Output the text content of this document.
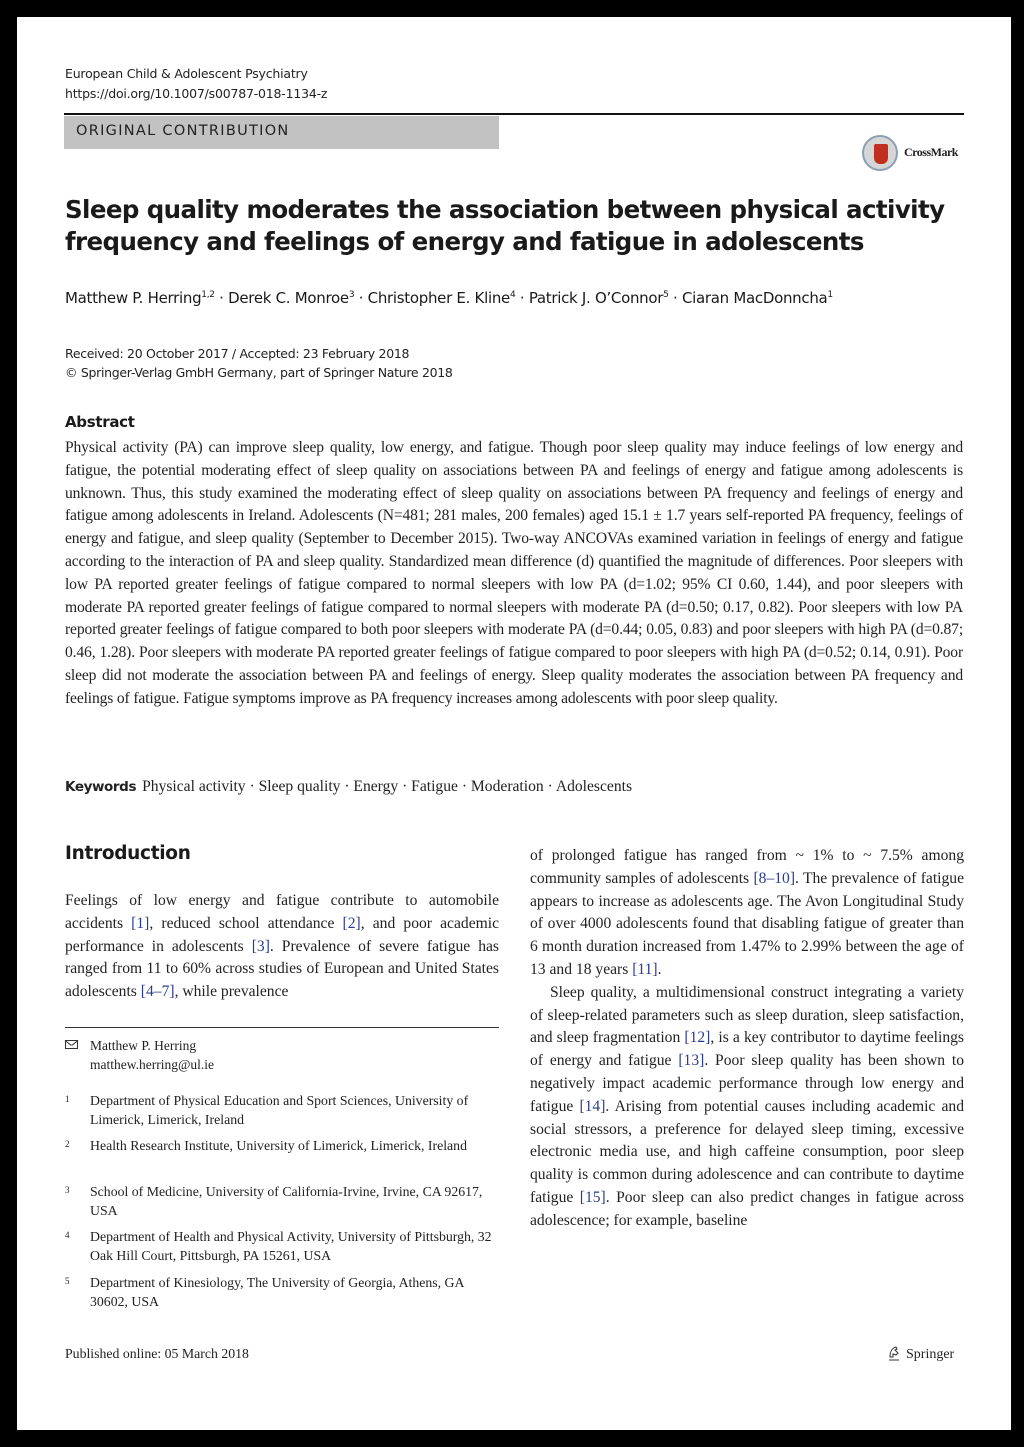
European Child & Adolescent Psychiatry
https://doi.org/10.1007/s00787-018-1134-z
ORIGINAL CONTRIBUTION
CrossMark
Sleep quality moderates the association between physical activity frequency and feelings of energy and fatigue in adolescents
Matthew P. Herring$^{1,2}$ · Derek C. Monroe$^3$ · Christopher E. Kline$^4$ · Patrick J. O’Connor$^5$ · Ciaran MacDonncha$^1$
Received: 20 October 2017 / Accepted: 23 February 2018
© Springer-Verlag GmbH Germany, part of Springer Nature 2018
Abstract
Physical activity (PA) can improve sleep quality, low energy, and fatigue. Though poor sleep quality may induce feelings of low energy and fatigue, the potential moderating effect of sleep quality on associations between PA and feelings of energy and fatigue among adolescents is unknown. Thus, this study examined the moderating effect of sleep quality on associations between PA frequency and feelings of energy and fatigue among adolescents in Ireland. Adolescents (N=481; 281 males, 200 females) aged 15.1 ± 1.7 years self-reported PA frequency, feelings of energy and fatigue, and sleep quality (September to December 2015). Two-way ANCOVAs examined variation in feelings of energy and fatigue according to the interaction of PA and sleep quality. Standardized mean difference (d) quantified the magnitude of differences. Poor sleepers with low PA reported greater feelings of fatigue compared to normal sleepers with low PA (d=1.02; 95% CI 0.60, 1.44), and poor sleepers with moderate PA reported greater feelings of fatigue compared to normal sleepers with moderate PA (d=0.50; 0.17, 0.82). Poor sleepers with low PA reported greater feelings of fatigue compared to both poor sleepers with moderate PA (d=0.44; 0.05, 0.83) and poor sleepers with high PA (d=0.87; 0.46, 1.28). Poor sleepers with moderate PA reported greater feelings of fatigue compared to poor sleepers with high PA (d=0.52; 0.14, 0.91). Poor sleep did not moderate the association between PA and feelings of energy. Sleep quality moderates the association between PA frequency and feelings of fatigue. Fatigue symptoms improve as PA frequency increases among adolescents with poor sleep quality.
Keywords Physical activity · Sleep quality · Energy · Fatigue · Moderation · Adolescents
Introduction
Feelings of low energy and fatigue contribute to automobile accidents [1], reduced school attendance [2], and poor academic performance in adolescents [3]. Prevalence of severe fatigue has ranged from 11 to 60% across studies of European and United States adolescents [4–7], while prevalence

of prolonged fatigue has ranged from ~ 1% to ~ 7.5% among community samples of adolescents [8–10]. The prevalence of fatigue appears to increase as adolescents age. The Avon Longitudinal Study of over 4000 adolescents found that disabling fatigue of greater than 6 month duration increased from 1.47% to 2.99% between the age of 13 and 18 years [11].

Sleep quality, a multidimensional construct integrating a variety of sleep-related parameters such as sleep duration, sleep satisfaction, and sleep fragmentation [12], is a key contributor to daytime feelings of energy and fatigue [13]. Poor sleep quality has been shown to negatively impact academic performance through low energy and fatigue [14]. Arising from potential causes including academic and social stressors, a preference for delayed sleep timing, excessive electronic media use, and high caffeine consumption, poor sleep quality is common during adolescence and can contribute to daytime fatigue [15]. Poor sleep can also predict changes in fatigue across adolescence; for example, baseline

Matthew P. Herring
matthew.herring@ul.ie
1 Department of Physical Education and Sport Sciences, University of Limerick, Limerick, Ireland
2 Health Research Institute, University of Limerick, Limerick, Ireland
3 School of Medicine, University of California-Irvine, Irvine, CA 92617, USA
4 Department of Health and Physical Activity, University of Pittsburgh, 32 Oak Hill Court, Pittsburgh, PA 15261, USA
5 Department of Kinesiology, The University of Georgia, Athens, GA 30602, USA
Published online: 05 March 2018	Springer
